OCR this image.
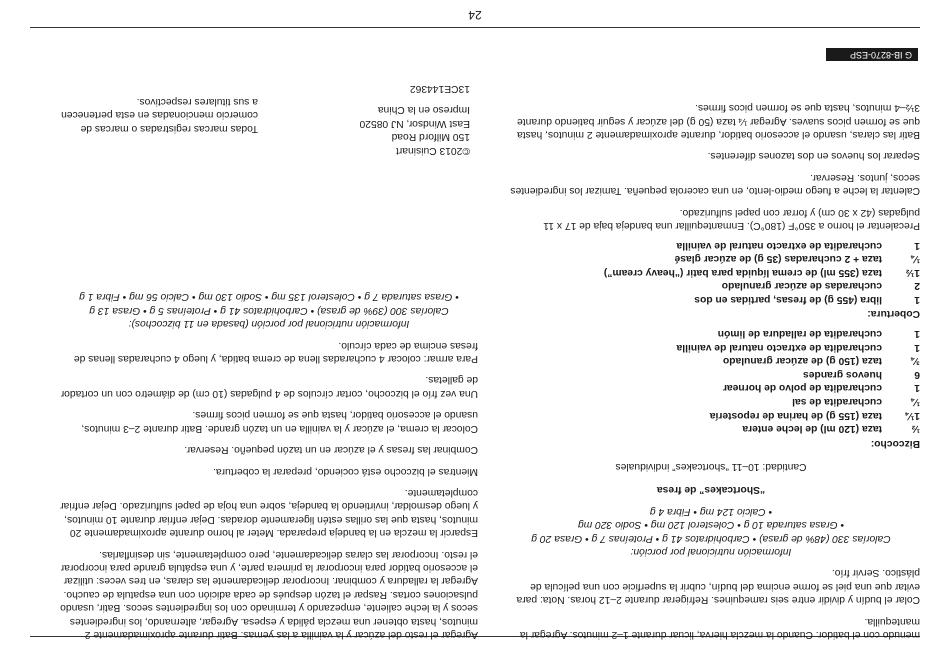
menudo con el batidor. Cuando la mezcla hierva, licuar durante 1–2 minutos. Agregar la

mantequilla.

Colar el budín y dividir entre seis ramequines. Refrigerar durante 2–12 horas. Nota: para evitar que una piel se forme encima del budín, cubrir la superficie con una película de plástico. Servir frío.

Información nutricional por porción:
Calorías 330 (48% de grasa) • Carbohidratos 41 g • Proteínas 7 g • Grasa 20 g
• Grasa saturada 10 g • Colesterol 120 mg • Sodio 320 mg
• Calcio 124 mg • Fibra 4 g

“Shortcakes” de fresa

Cantidad: 10–11 “shortcakes” individuales

Bizcocho:
½
taza (120 ml) de leche entera
1¼
taza (155 g) de harina de repostería
¼
cucharadita de sal
1
cucharadita de polvo de hornear
6
huevos grandes
¾
taza (150 g) de azúcar granulado
1
cucharadita de extracto natural de vainilla
1
cucharadita de ralladura de limón
Cobertura:
1
libra (455 g) de fresas, partidas en dos
2
cucharadas de azúcar granulado
1½
taza (355 ml) de crema líquida para batir (“heavy cream”)
¼
taza + 2 cucharadas (35 g) de azúcar glasé
1
cucharadita de extracto natural de vainilla

Precalentar el horno a 350°F (180°C). Enmantequillar una bandeja baja de 17 x 11 pulgadas (42 x 30 cm) y forrar con papel sulfurizado.

Calentar la leche a fuego medio-lento, en una cacerola pequeña. Tamizar los ingredientes secos, juntos. Reservar.

Separar los huevos en dos tazones diferentes.

Batir las claras, usando el accesorio batidor, durante aproximadamente 2 minutos, hasta que se formen picos suaves. Agregar ¼ taza (50 g) del azúcar y seguir batiendo durante 3½–4 minutos, hasta que se formen picos firmes.

Agregar el resto del azúcar y la vainilla a las yemas. Batir durante aproximadamente 2 minutos, hasta obtener una mezcla pálida y espesa. Agregar, alternando, los ingredientes secos y la leche caliente, empezando y terminado con los ingredientes secos. Batir, usando pulsaciones cortas. Raspar el tazón después de cada adición con una espatula de caucho. Agregar la ralladura y combinar. Incorporar delicadamente las claras, en tres veces: utilizar el accesorio batidor para incorporar la primera parte, y una espátula grande para incorporar el resto. Incorporar las claras delicadamente, pero completamente, sin desinflarlas.

Esparcir la mezcla en la bandeja preparada. Meter al horno durante aproximadamente 20 minutos, hasta que las orillas estén ligeramente doradas. Dejar enfriar durante 10 minutos, y luego desmoldar, invirtiendo la bandeja, sobre una hoja de papel sulfurizado. Dejar enfriar completamente.

Mientras el bizcocho está cociendo, preparar la cobertura.

Combinar las fresas y el azúcar en un tazón pequeño. Reservar.

Colocar la crema, el azúcar y la vainilla en un tazón grande. Batir durante 2–3 minutos, usando el accesorio batidor, hasta que se formen picos firmes.

Una vez frío el bizcocho, cortar círculos de 4 pulgadas (10 cm) de diámetro con un cortador de galletas.

Para armar: colocar 4 cucharadas llena de crema batida, y luego 4 cucharadas llenas de fresas encima de cada círculo.

Información nutricional por porción (basada en 11 bizcochos):
Calorías 300 (39% de grasa) • Carbohidratos 41 g • Proteínas 5 g • Grasa 13 g
• Grasa saturada 7 g • Colesterol 135 mg • Sodio 130 mg • Calcio 56 mg • Fibra 1 g

Todas marcas registradas o marcas de comercio mencionadas en esta pertenecen a sus titulares respectivos.
©2013 Cuisinart
150 Milford Road
East Windsor, NJ 08520
Impreso en la China
13CE144362
G IB-8270-ESP
24
